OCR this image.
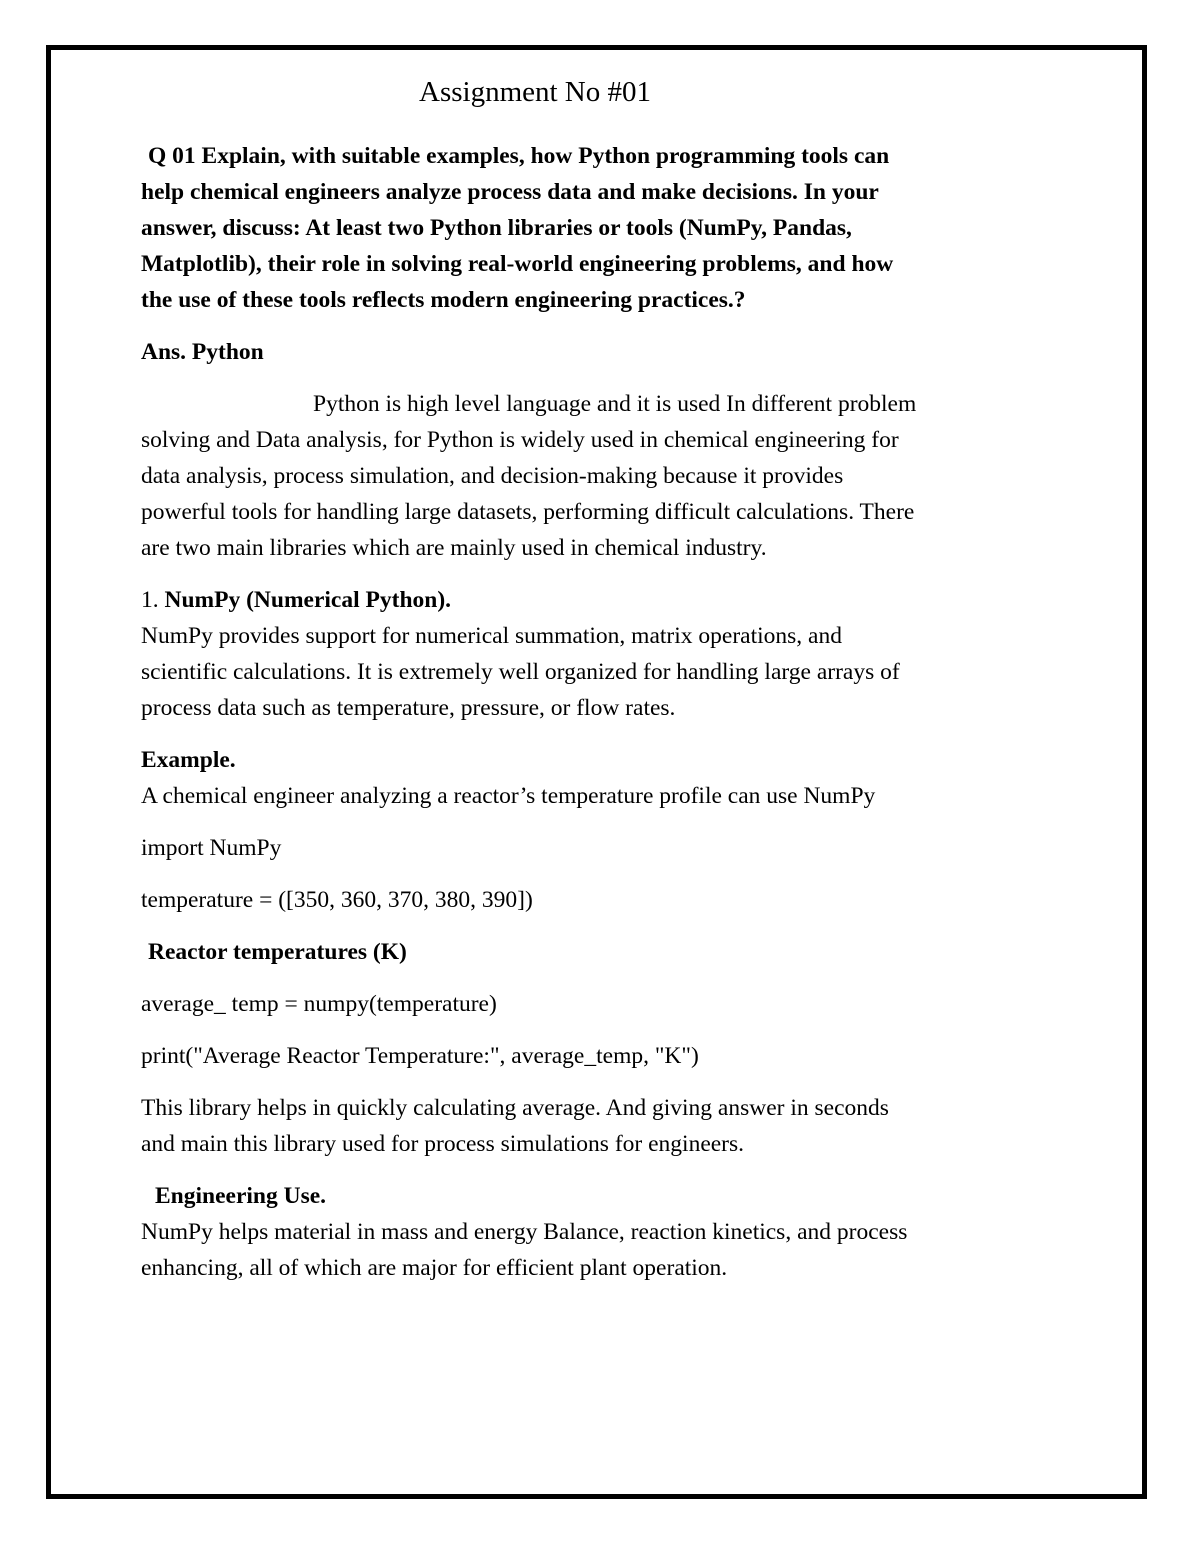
Assignment No #01
Q 01 Explain, with suitable examples, how Python programming tools can
help chemical engineers analyze process data and make decisions. In your
answer, discuss: At least two Python libraries or tools (NumPy, Pandas,
Matplotlib), their role in solving real-world engineering problems, and how
the use of these tools reflects modern engineering practices.?
Ans. Python
Python is high level language and it is used In different problem
solving and Data analysis, for Python is widely used in chemical engineering for
data analysis, process simulation, and decision-making because it provides
powerful tools for handling large datasets, performing difficult calculations. There
are two main libraries which are mainly used in chemical industry.
1. NumPy (Numerical Python).
NumPy provides support for numerical summation, matrix operations, and
scientific calculations. It is extremely well organized for handling large arrays of
process data such as temperature, pressure, or flow rates.
Example.
A chemical engineer analyzing a reactor’s temperature profile can use NumPy
import NumPy
temperature = ([350, 360, 370, 380, 390])
Reactor temperatures (K)
average_ temp = numpy(temperature)
print("Average Reactor Temperature:", average_temp, "K")
This library helps in quickly calculating average. And giving answer in seconds
and main this library used for process simulations for engineers.
Engineering Use.
NumPy helps material in mass and energy Balance, reaction kinetics, and process
enhancing, all of which are major for efficient plant operation.
